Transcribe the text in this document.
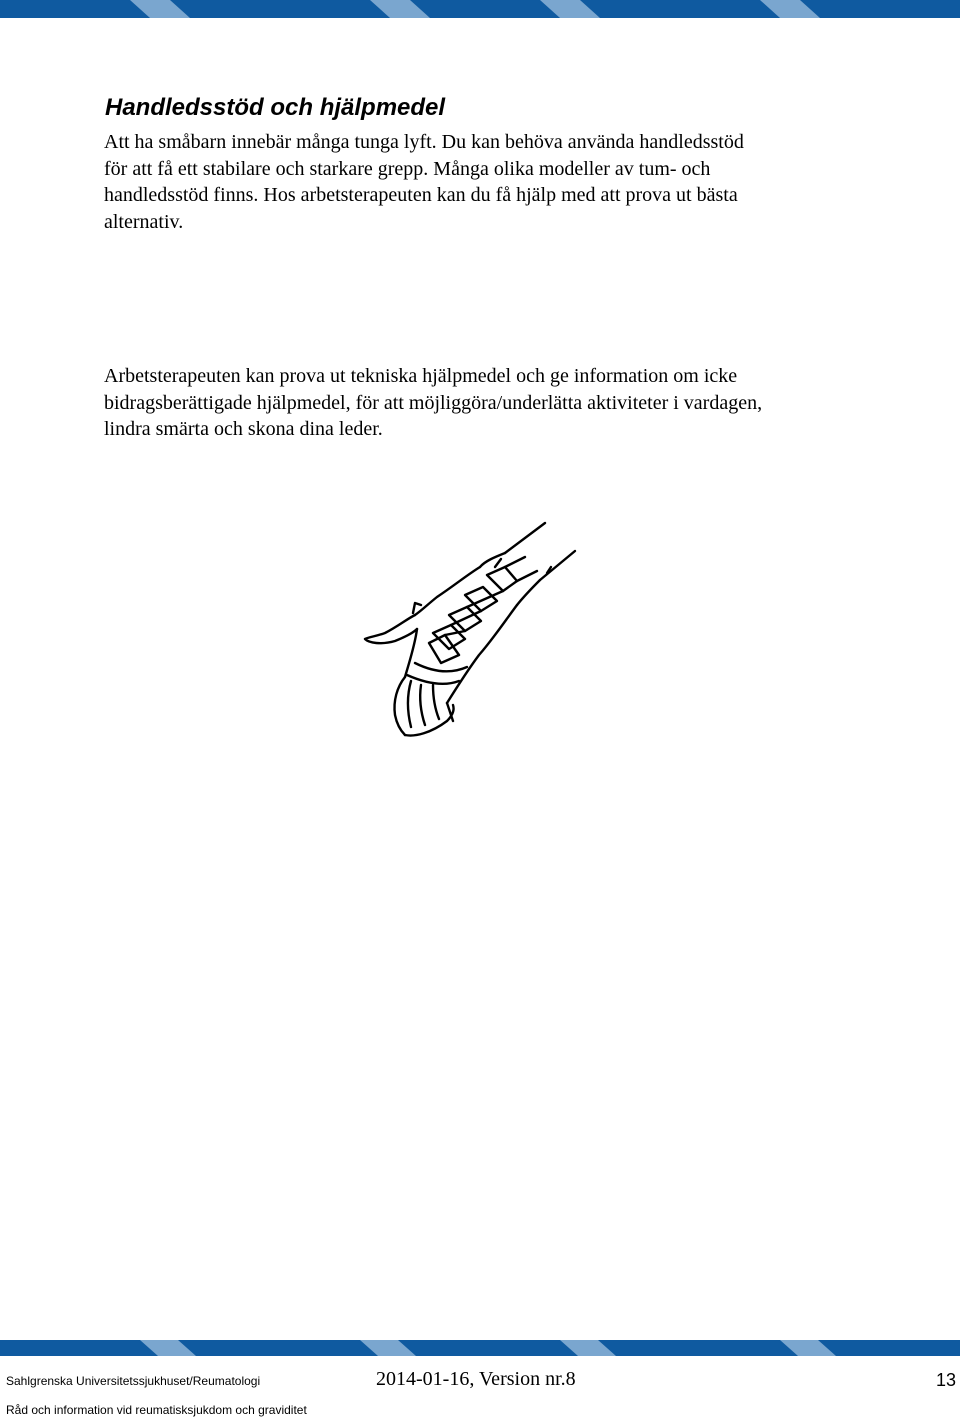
Handledsstöd och hjälpmedel

Att ha småbarn innebär många tunga lyft. Du kan behöva använda handledsstöd
för att få ett stabilare och starkare grepp. Många olika modeller av tum- och
handledsstöd finns. Hos arbetsterapeuten kan du få hjälp med att prova ut bästa
alternativ.

Arbetsterapeuten kan prova ut tekniska hjälpmedel och ge information om icke
bidragsberättigade hjälpmedel, för att möjliggöra/underlätta aktiviteter i vardagen,
lindra smärta och skona dina leder.

Sahlgrenska Universitetssjukhuset/Reumatologi	2014-01-16, Version nr.8	13
Råd och information vid reumatisksjukdom och graviditet
